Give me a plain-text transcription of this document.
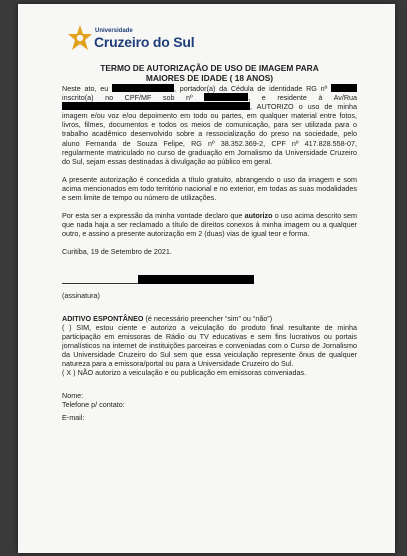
Universidade
Cruzeiro do Sul
TERMO DE AUTORIZAÇÃO DE USO DE IMAGEM PARA
MAIORES DE IDADE ( 18 ANOS)

Neste ato, eu	, portador(a) da Cédula de identidade RG nº inscrito(a) no CPF/MF sob nº	, e residente à Av/Rua , AUTORIZO o uso de minha imagem e/ou voz e/ou depoimento em todo ou partes, em qualquer material entre fotos, livros, filmes, documentos e todos os meios de comunicação, para ser utilizada para o trabalho acadêmico desenvolvido sobre a ressocialização do preso na sociedade, pelo aluno Fernanda de Souza Felipe, RG nº 38.352.369-2, CPF nº 417.828.558-07, regularmente matriculado no curso de graduação em Jornalismo da Universidade Cruzeiro do Sul, sejam essas destinadas à divulgação ao público em geral.

A presente autorização é concedida a título gratuito, abrangendo o uso da imagem e som acima mencionados em todo território nacional e no exterior, em todas as suas modalidades e sem limite de tempo ou número de utilizações.

Por esta ser a expressão da minha vontade declaro que autorizo o uso acima descrito sem que nada haja a ser reclamado a título de direitos conexos à minha imagem ou a qualquer outro, e assino a presente autorização em 2 (duas) vias de igual teor e forma.

Curitiba, 19 de Setembro de 2021.

(assinatura)

ADITIVO ESPONTÂNEO (é necessário preencher “sim” ou “não”)

( ) SIM, estou ciente e autorizo a veiculação do produto final resultante de minha participação em emissoras de Rádio ou TV educativas e sem fins lucrativos ou portais jornalísticos na internet de instituições parceiras e conveniadas com o Curso de Jornalismo da Universidade Cruzeiro do Sul sem que essa veiculação represente ônus de qualquer natureza para a emissora/portal ou para a Universidade Cruzeiro do Sul.

( X ) NÃO autorizo a veiculação e ou publicação em emissoras conveniadas.

Nome:

Telefone p/ contato:

E-mail:
